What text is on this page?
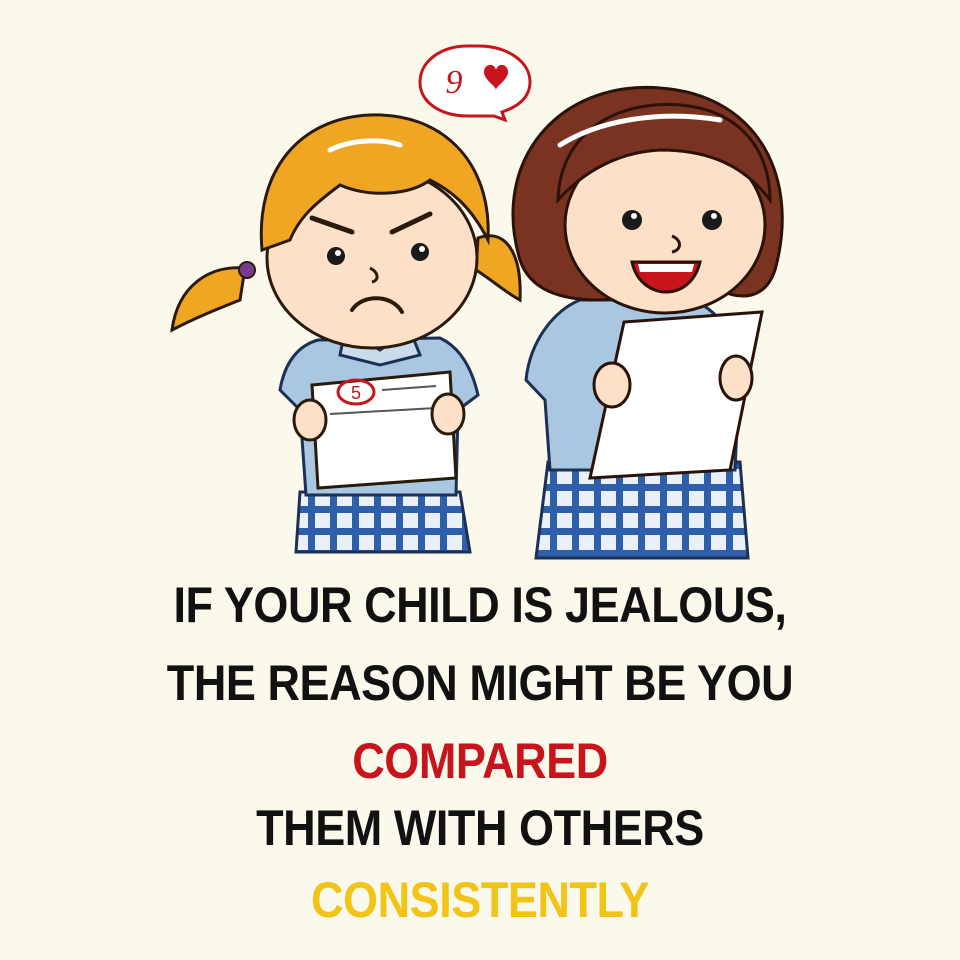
9
5
IF YOUR CHILD IS JEALOUS,
THE REASON MIGHT BE YOU
COMPARED
THEM WITH OTHERS
CONSISTENTLY
